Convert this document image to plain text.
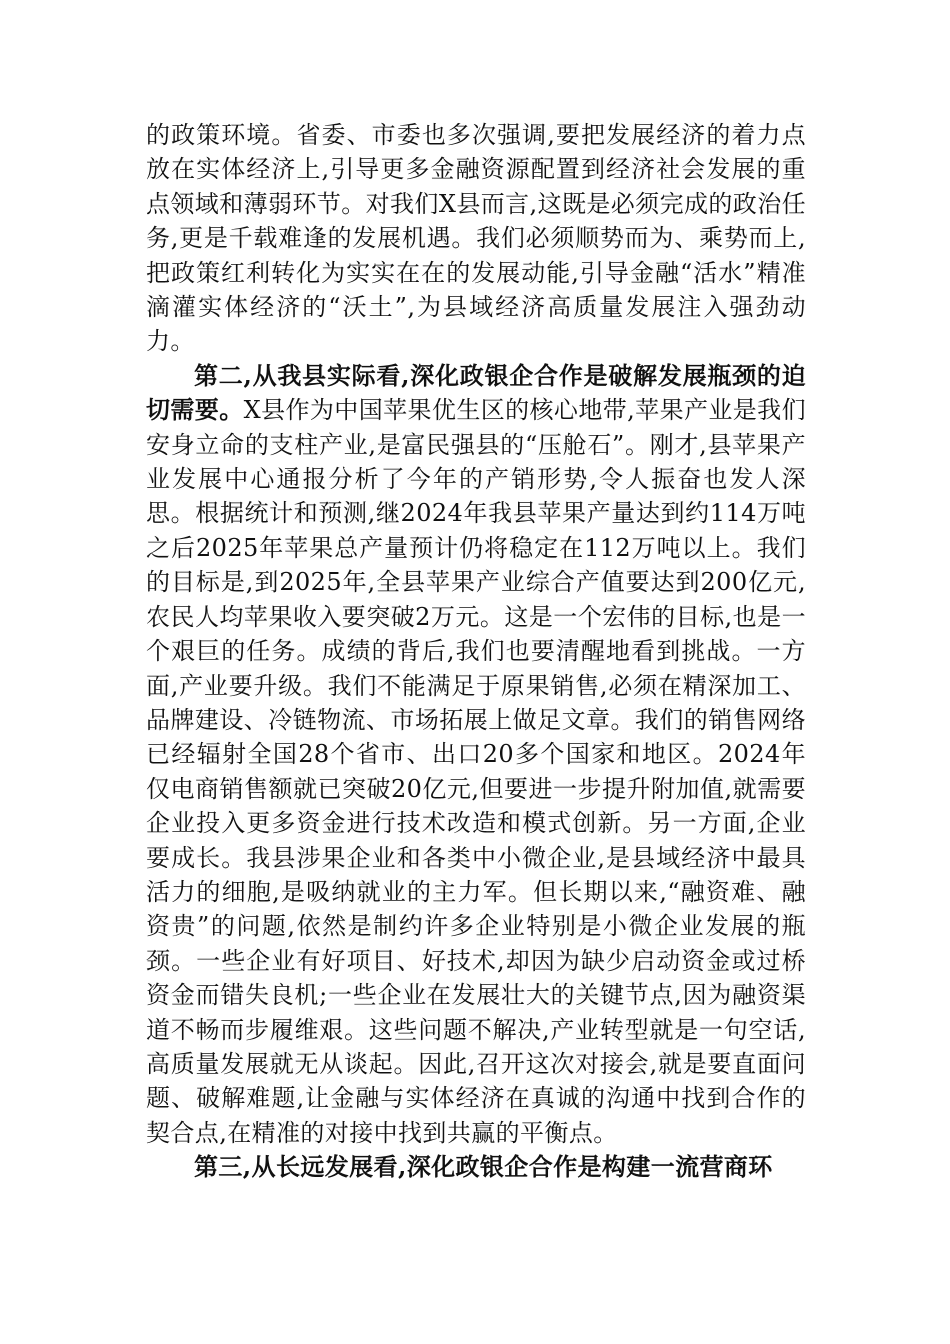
的政策环境。省委、市委也多次强调,要把发展经济的着力点放在实体经济上,引导更多金融资源配置到经济社会发展的重点领域和薄弱环节。对我们X县而言,这既是必须完成的政治任务,更是千载难逢的发展机遇。我们必须顺势而为、乘势而上,把政策红利转化为实实在在的发展动能,引导金融“活水”精准滴灌实体经济的“沃土”,为县域经济高质量发展注入强劲动力。

第二,从我县实际看,深化政银企合作是破解发展瓶颈的迫切需要。X县作为中国苹果优生区的核心地带,苹果产业是我们安身立命的支柱产业,是富民强县的“压舱石”。刚才,县苹果产业发展中心通报分析了今年的产销形势,令人振奋也发人深思。根据统计和预测,继2024年我县苹果产量达到约114万吨之后2025年苹果总产量预计仍将稳定在112万吨以上。我们的目标是,到2025年,全县苹果产业综合产值要达到200亿元,农民人均苹果收入要突破2万元。这是一个宏伟的目标,也是一个艰巨的任务。成绩的背后,我们也要清醒地看到挑战。一方面,产业要升级。我们不能满足于原果销售,必须在精深加工、品牌建设、冷链物流、市场拓展上做足文章。我们的销售网络已经辐射全国28个省市、出口20多个国家和地区。2024年仅电商销售额就已突破20亿元,但要进一步提升附加值,就需要企业投入更多资金进行技术改造和模式创新。另一方面,企业要成长。我县涉果企业和各类中小微企业,是县域经济中最具活力的细胞,是吸纳就业的主力军。但长期以来,“融资难、融资贵”的问题,依然是制约许多企业特别是小微企业发展的瓶颈。一些企业有好项目、好技术,却因为缺少启动资金或过桥资金而错失良机;一些企业在发展壮大的关键节点,因为融资渠道不畅而步履维艰。这些问题不解决,产业转型就是一句空话,高质量发展就无从谈起。因此,召开这次对接会,就是要直面问题、破解难题,让金融与实体经济在真诚的沟通中找到合作的契合点,在精准的对接中找到共赢的平衡点。

第三,从长远发展看,深化政银企合作是构建一流营商环
